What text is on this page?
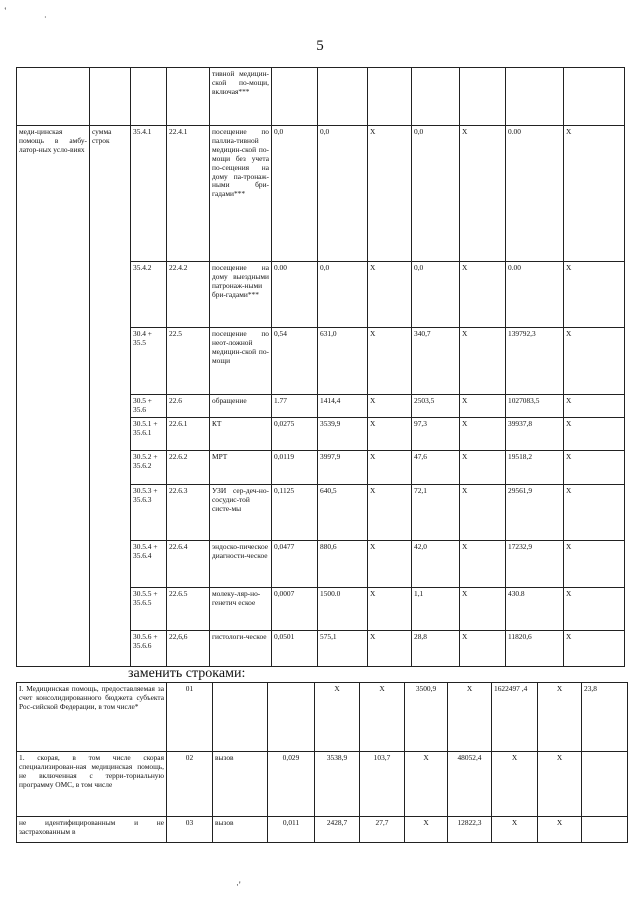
ʽ
·
5
				тивной медицин-ской по-мощи, включая***							
меди-цинская помощь в амбу-латор-ных усло-виях	сумма строк	35.4.1	22.4.1	посещение по паллиа-тивной медицин-ской по-мощи без учета по-сещения на дому па-тронаж-ными бри-гадами***	0,0	0,0	X	0,0	X	0.00	X
		35.4.2	22.4.2	посещение на дому выездными патронаж-ными бри-гадами***	0.00	0,0	X	0,0	X	0.00	X
		30.4 + 35.5	22.5	посещение по неот-ложной медицин-ской по-мощи	0,54	631,0	X	340,7	X	139792,3	X
		30.5 + 35.6	22.6	обращение	1.77	1414,4	X	2503,5	X	1027083,5	X
		30.5.1 + 35.6.1	22.6.1	КТ	0,0275	3539,9	X	97,3	X	39937,8	X
		30.5.2 + 35.6.2	22.6.2	МРТ	0,0119	3997,9	X	47,6	X	19518,2	X
		30.5.3 + 35.6.3	22.6.3	УЗИ сер-деч-но-сосудис-той систе-мы	0,1125	640,5	X	72,1	X	29561,9	X
		30.5.4 + 35.6.4	22.6.4	эндоско-пическое диагности-ческое	0,0477	880,6	X	42,0	X	17232,9	X
		30.5.5 + 35.6.5	22.6.5	молеку-ляр-но-генетич еское	0,0007	1500.0	X	1,1	X	430.8	X
		30.5.6 + 35.6.6	22,6,6	гистологи-ческое	0,0501	575,1	X	28,8	X	11820,6	X
заменить строками:
I. Медицинская помощь, предоставляемая за счет консолидированного бюджета субъекта Рос-сийской Федерации, в том числе*	01			X	X	3500,9	X	1622497 ,4	X	23,8
1. скорая, в том числе скорая специализирован-ная медицинская помощь, не включенная с терри-ториальную программу ОМС, в том числе	02	вызов	0,029	3538,9	103,7	X	48052,4	X	X	
не идентифицированным и не застрахованным в	03	вызов	0,011	2428,7	27,7	X	12822,3	X	X	
·'
